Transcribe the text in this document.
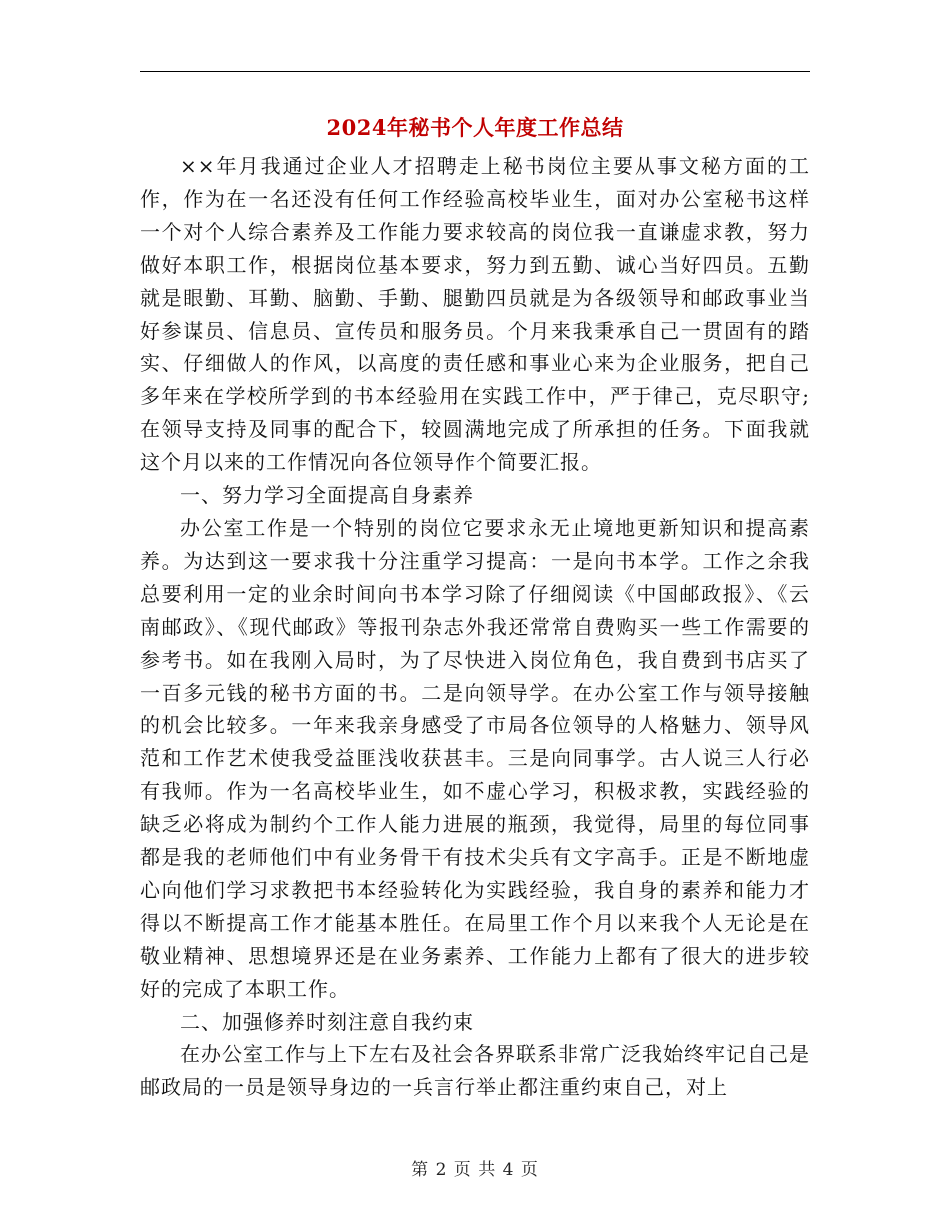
2024年秘书个人年度工作总结

××年月我通过企业人才招聘走上秘书岗位主要从事文秘方面的工作，作为在一名还没有任何工作经验高校毕业生，面对办公室秘书这样一个对个人综合素养及工作能力要求较高的岗位我一直谦虚求教，努力做好本职工作，根据岗位基本要求，努力到五勤、诚心当好四员。五勤就是眼勤、耳勤、脑勤、手勤、腿勤四员就是为各级领导和邮政事业当好参谋员、信息员、宣传员和服务员。个月来我秉承自己一贯固有的踏实、仔细做人的作风，以高度的责任感和事业心来为企业服务，把自己多年来在学校所学到的书本经验用在实践工作中，严于律己，克尽职守;在领导支持及同事的配合下，较圆满地完成了所承担的任务。下面我就这个月以来的工作情况向各位领导作个简要汇报。

一、努力学习全面提高自身素养

办公室工作是一个特别的岗位它要求永无止境地更新知识和提高素养。为达到这一要求我十分注重学习提高：一是向书本学。工作之余我总要利用一定的业余时间向书本学习除了仔细阅读《中国邮政报》、《云南邮政》、《现代邮政》等报刊杂志外我还常常自费购买一些工作需要的参考书。如在我刚入局时，为了尽快进入岗位角色，我自费到书店买了一百多元钱的秘书方面的书。二是向领导学。在办公室工作与领导接触的机会比较多。一年来我亲身感受了市局各位领导的人格魅力、领导风范和工作艺术使我受益匪浅收获甚丰。三是向同事学。古人说三人行必有我师。作为一名高校毕业生，如不虚心学习，积极求教，实践经验的缺乏必将成为制约个工作人能力进展的瓶颈，我觉得，局里的每位同事都是我的老师他们中有业务骨干有技术尖兵有文字高手。正是不断地虚心向他们学习求教把书本经验转化为实践经验，我自身的素养和能力才得以不断提高工作才能基本胜任。在局里工作个月以来我个人无论是在敬业精神、思想境界还是在业务素养、工作能力上都有了很大的进步较好的完成了本职工作。

二、加强修养时刻注意自我约束

在办公室工作与上下左右及社会各界联系非常广泛我始终牢记自己是邮政局的一员是领导身边的一兵言行举止都注重约束自己，对上

第 2 页 共 4 页
